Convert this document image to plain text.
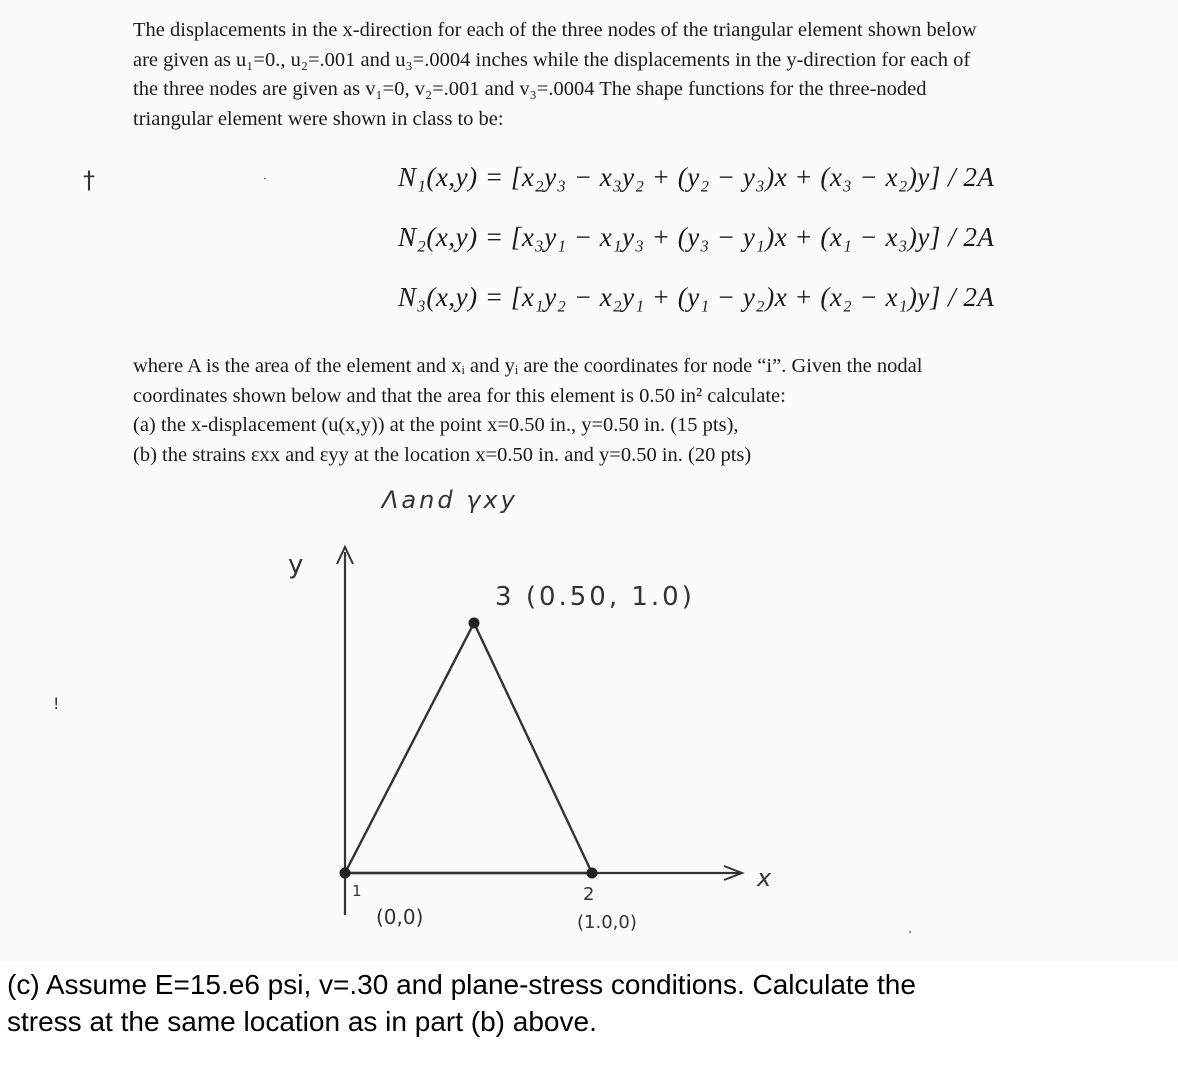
The displacements in the x-direction for each of the three nodes of the triangular element shown below

are given as u₁=0., u₂=.001 and u₃=.0004 inches while the displacements in the y-direction for each of

the three nodes are given as v₁=0, v₂=.001 and v₃=.0004 The shape functions for the three-noded

triangular element were shown in class to be:

N₁(x,y) = [x₂y₃ − x₃y₂ + (y₂ − y₃)x + (x₃ − x₂)y] / 2A
N₂(x,y) = [x₃y₁ − x₁y₃ + (y₃ − y₁)x + (x₁ − x₃)y] / 2A
N₃(x,y) = [x₁y₂ − x₂y₁ + (y₁ − y₂)x + (x₂ − x₁)y] / 2A

where A is the area of the element and xᵢ and yᵢ are the coordinates for node “i”. Given the nodal

coordinates shown below and that the area for this element is 0.50 in² calculate:

(a) the x-displacement (u(x,y)) at the point x=0.50 in., y=0.50 in. (15 pts),

(b) the strains εxx and εyy at the location x=0.50 in. and y=0.50 in. (20 pts)

Λand γxy
y
x
3 (0.50, 1.0)
1
(0,0)
2
(1.0,0)
†
!
·
·
(c) Assume E=15.e6 psi, v=.30 and plane-stress conditions. Calculate the
stress at the same location as in part (b) above.
